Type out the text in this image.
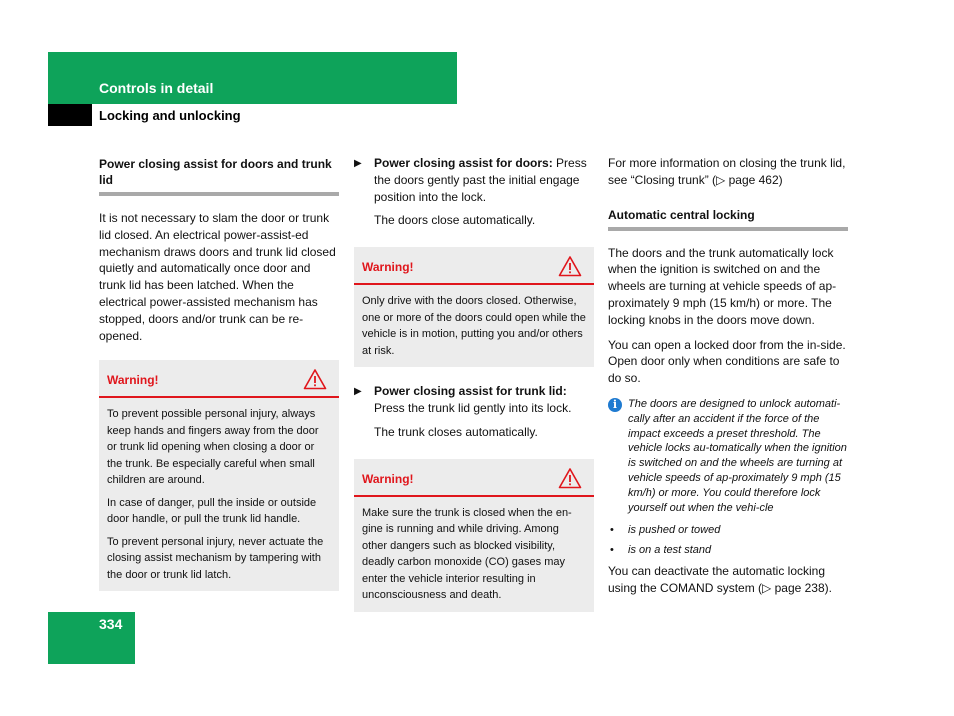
Controls in detail
Locking and unlocking
Power closing assist for doors and trunk lid

It is not necessary to slam the door or trunk lid closed. An electrical power-assist-ed mechanism draws doors and trunk lid closed quietly and automatically once door and trunk lid has been latched. When the electrical power-assisted mechanism has stopped, doors and/or trunk can be re-opened.

Warning!
To prevent possible personal injury, always keep hands and fingers away from the door or trunk lid opening when closing a door or the trunk. Be especially careful when small children are around.
In case of danger, pull the inside or outside door handle, or pull the trunk lid handle.
To prevent personal injury, never actuate the closing assist mechanism by tampering with the door or trunk lid latch.
▶ Power closing assist for doors: Press the doors gently past the initial engage position into the lock.

The doors close automatically.

Warning!
Only drive with the doors closed. Otherwise, one or more of the doors could open while the vehicle is in motion, putting you and/or others at risk.
▶ Power closing assist for trunk lid: Press the trunk lid gently into its lock.

The trunk closes automatically.

Warning!
Make sure the trunk is closed when the en-gine is running and while driving. Among other dangers such as blocked visibility, deadly carbon monoxide (CO) gases may enter the vehicle interior resulting in unconsciousness and death.

For more information on closing the trunk lid, see “Closing trunk” (▷ page 462)

Automatic central locking

The doors and the trunk automatically lock when the ignition is switched on and the wheels are turning at vehicle speeds of ap-proximately 9 mph (15 km/h) or more. The locking knobs in the doors move down.

You can open a locked door from the in-side. Open door only when conditions are safe to do so.

i The doors are designed to unlock automati-cally after an accident if the force of the impact exceeds a preset threshold. The vehicle locks au-tomatically when the ignition is switched on and the wheels are turning at vehicle speeds of ap-proximately 9 mph (15 km/h) or more. You could therefore lock yourself out when the vehi-cle
• is pushed or towed
• is on a test stand

You can deactivate the automatic locking using the COMAND system (▷ page 238).

334
